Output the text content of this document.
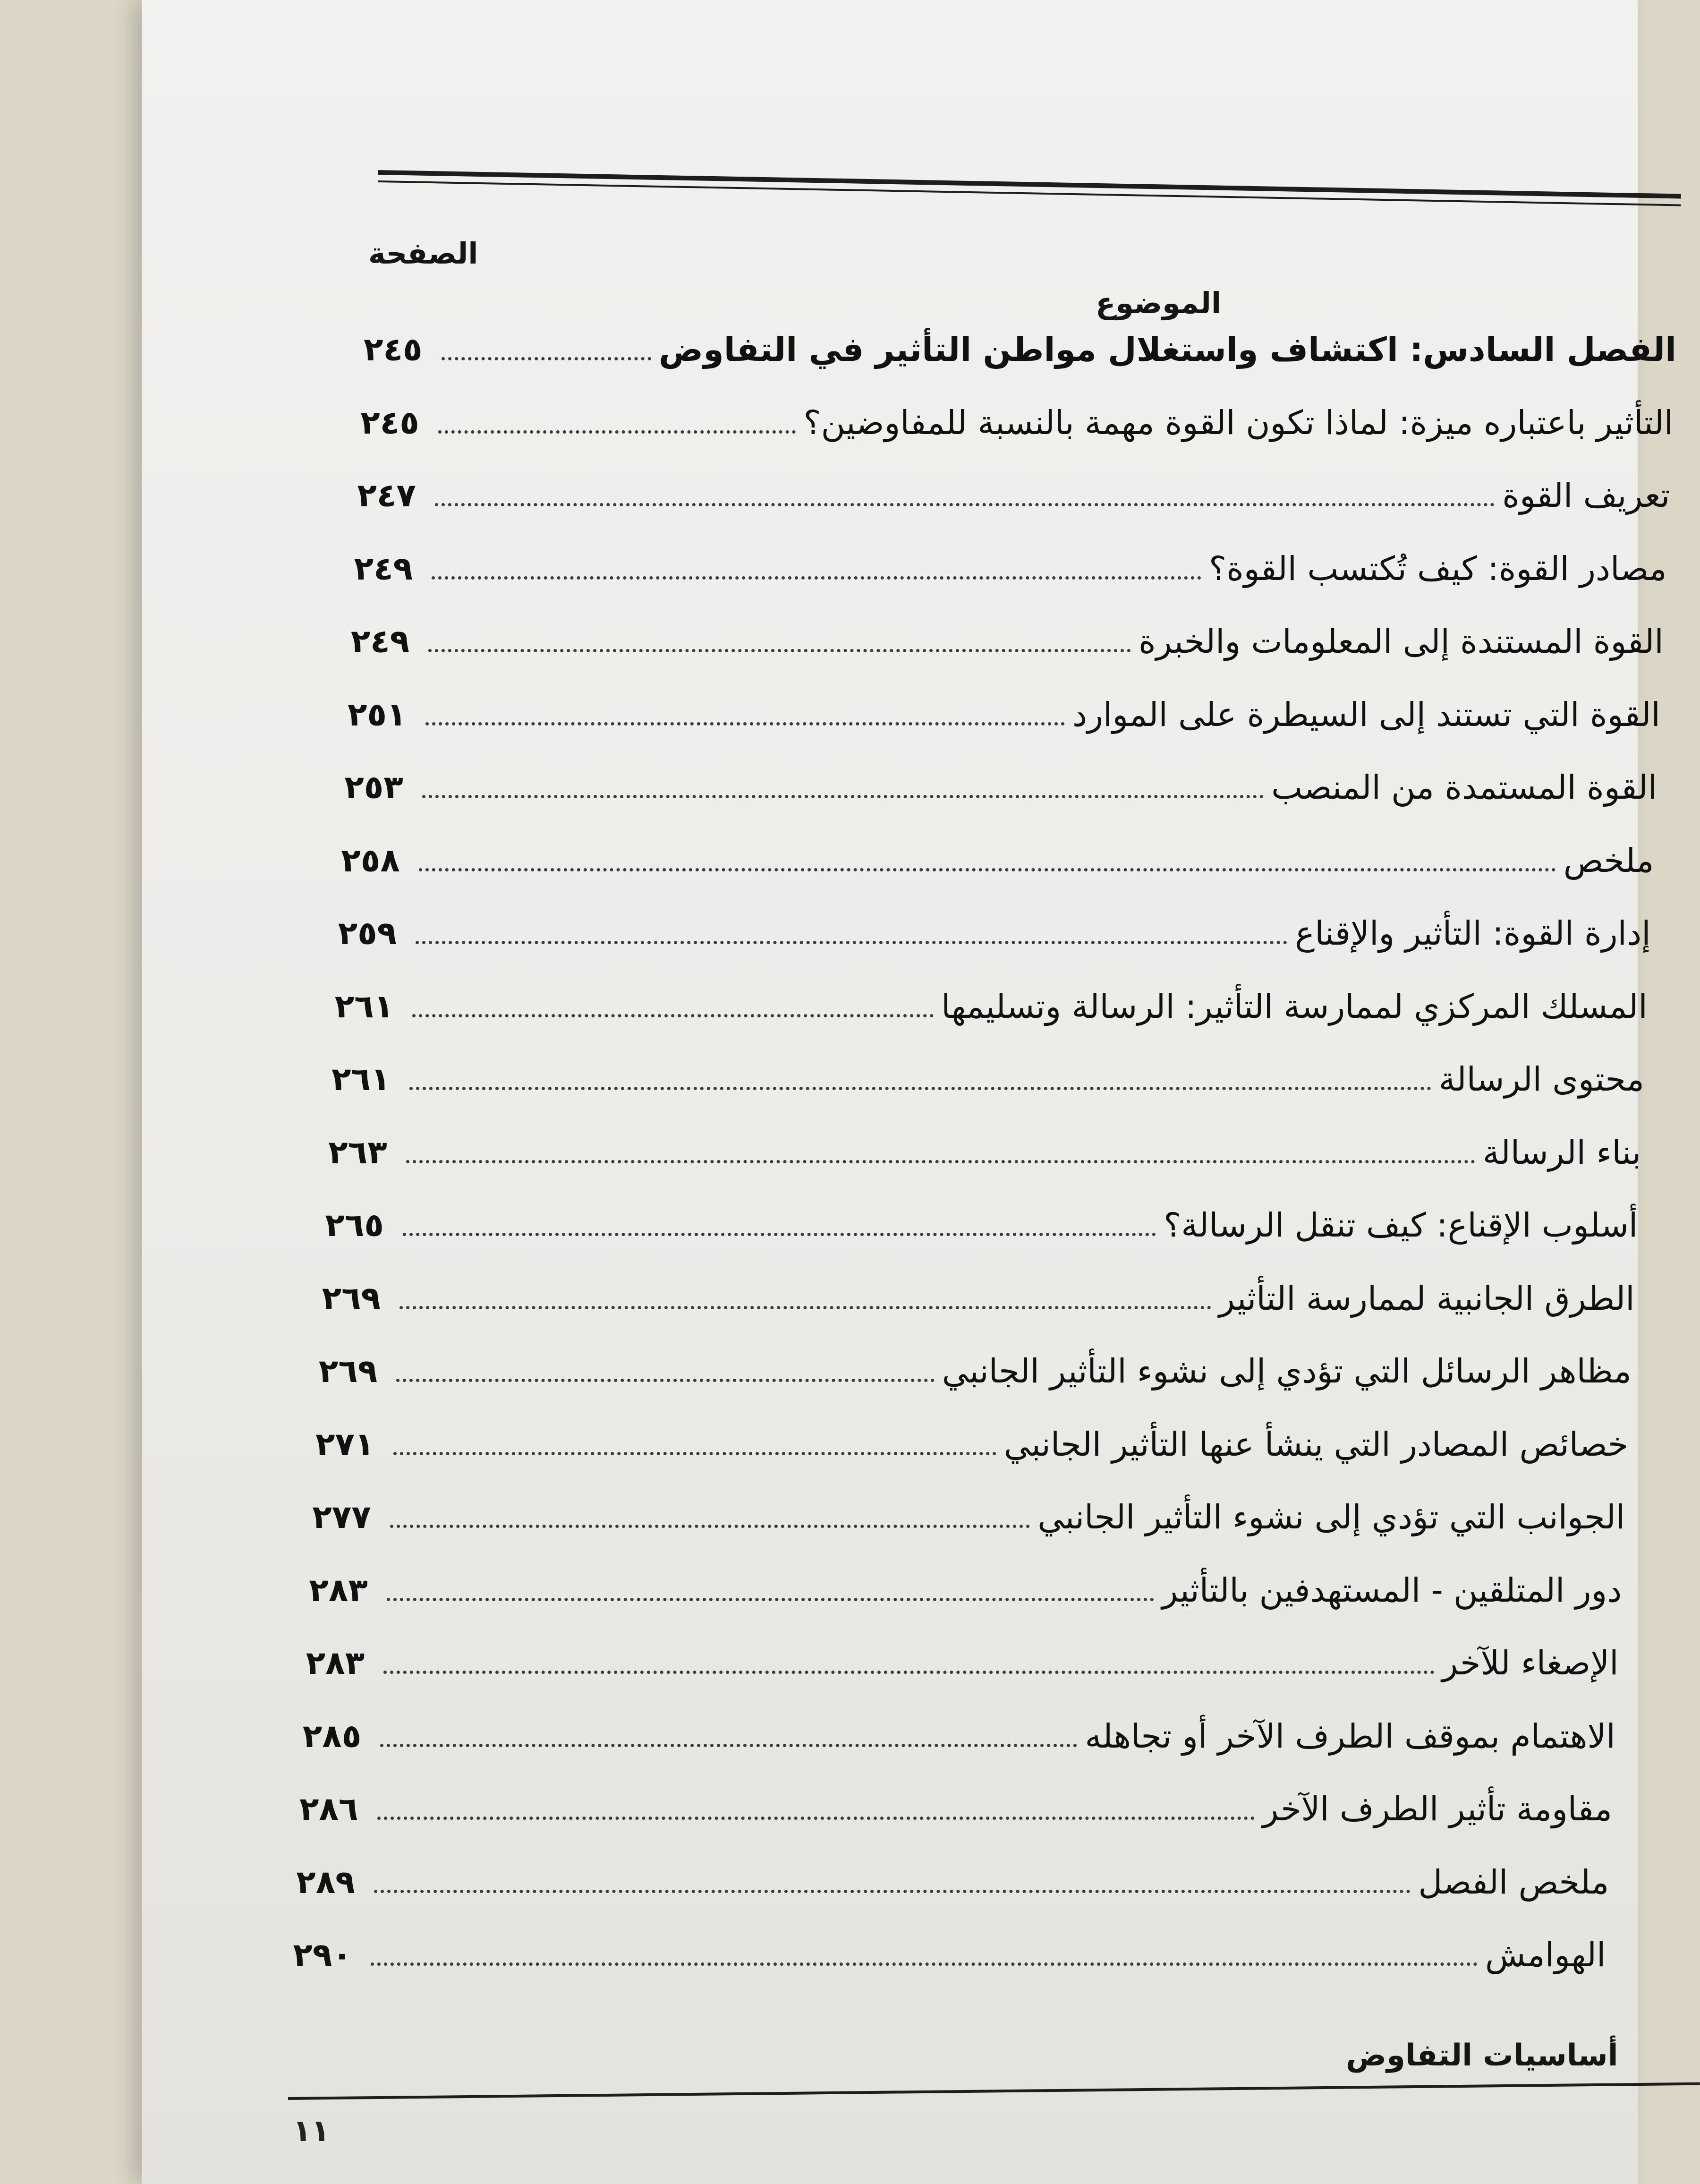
الصفحة
الموضوع
الفصل السادس: اكتشاف واستغلال مواطن التأثير في التفاوض
٢٤٥
التأثير باعتباره ميزة: لماذا تكون القوة مهمة بالنسبة للمفاوضين؟
٢٤٥
تعريف القوة
٢٤٧
مصادر القوة: كيف تُكتسب القوة؟
٢٤٩
القوة المستندة إلى المعلومات والخبرة
٢٤٩
القوة التي تستند إلى السيطرة على الموارد
٢٥١
القوة المستمدة من المنصب
٢٥٣
ملخص
٢٥٨
إدارة القوة: التأثير والإقناع
٢٥٩
المسلك المركزي لممارسة التأثير: الرسالة وتسليمها
٢٦١
محتوى الرسالة
٢٦١
بناء الرسالة
٢٦٣
أسلوب الإقناع: كيف تنقل الرسالة؟
٢٦٥
الطرق الجانبية لممارسة التأثير
٢٦٩
مظاهر الرسائل التي تؤدي إلى نشوء التأثير الجانبي
٢٦٩
خصائص المصادر التي ينشأ عنها التأثير الجانبي
٢٧١
الجوانب التي تؤدي إلى نشوء التأثير الجانبي
٢٧٧
دور المتلقين - المستهدفين بالتأثير
٢٨٣
الإصغاء للآخر
٢٨٣
الاهتمام بموقف الطرف الآخر أو تجاهله
٢٨٥
مقاومة تأثير الطرف الآخر
٢٨٦
ملخص الفصل
٢٨٩
الهوامش
٢٩٠
أساسيات التفاوض
١١
